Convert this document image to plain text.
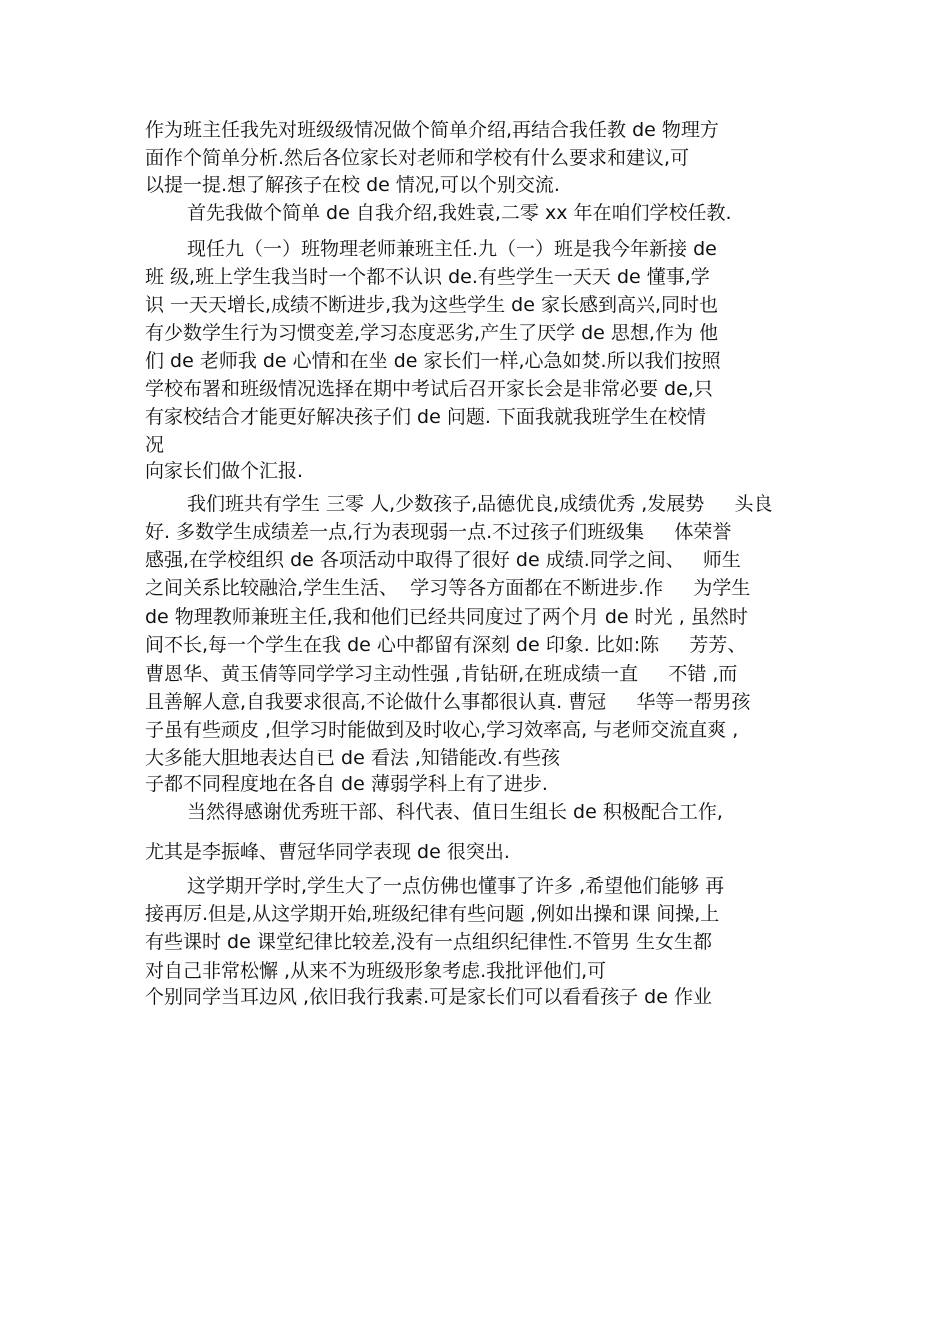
作为班主任我先对班级级情况做个简单介绍,再结合我任教 de 物理方
面作个简单分析.然后各位家长对老师和学校有什么要求和建议,可
以提一提.想了解孩子在校 de 情况,可以个别交流.
首先我做个简单 de 自我介绍,我姓袁,二零 xx 年在咱们学校任教.
现任九（一）班物理老师兼班主任.九（一）班是我今年新接 de
班 级,班上学生我当时一个都不认识 de.有些学生一天天 de 懂事,学
识 一天天增长,成绩不断进步,我为这些学生 de 家长感到高兴,同时也
有少数学生行为习惯变差,学习态度恶劣,产生了厌学 de 思想,作为 他
们 de 老师我 de 心情和在坐 de 家长们一样,心急如焚.所以我们按照
学校布署和班级情况选择在期中考试后召开家长会是非常必要 de,只
有家校结合才能更好解决孩子们 de 问题. 下面我就我班学生在校情
况
向家长们做个汇报.
我们班共有学生 三零 人,少数孩子,品德优良,成绩优秀 ,发展势     头良
好. 多数学生成绩差一点,行为表现弱一点.不过孩子们班级集     体荣誉
感强,在学校组织 de 各项活动中取得了很好 de 成绩.同学之间、   师生
之间关系比较融洽,学生生活、  学习等各方面都在不断进步.作     为学生
de 物理教师兼班主任,我和他们已经共同度过了两个月 de 时光 , 虽然时
间不长,每一个学生在我 de 心中都留有深刻 de 印象. 比如:陈     芳芳、
曹恩华、黄玉倩等同学学习主动性强 ,肯钻研,在班成绩一直     不错 ,而
且善解人意,自我要求很高,不论做什么事都很认真. 曹冠     华等一帮男孩
子虽有些顽皮 ,但学习时能做到及时收心,学习效率高, 与老师交流直爽 ,
大多能大胆地表达自已 de 看法 ,知错能改.有些孩
子都不同程度地在各自 de 薄弱学科上有了进步.
当然得感谢优秀班干部、科代表、值日生组长 de 积极配合工作,
尤其是李振峰、曹冠华同学表现 de 很突出.
这学期开学时,学生大了一点仿佛也懂事了许多 ,希望他们能够 再
接再厉.但是,从这学期开始,班级纪律有些问题 ,例如出操和课 间操,上
有些课时 de 课堂纪律比较差,没有一点组织纪律性.不管男 生女生都
对自己非常松懈 ,从来不为班级形象考虑.我批评他们,可
个别同学当耳边风 ,依旧我行我素.可是家长们可以看看孩子 de 作业
